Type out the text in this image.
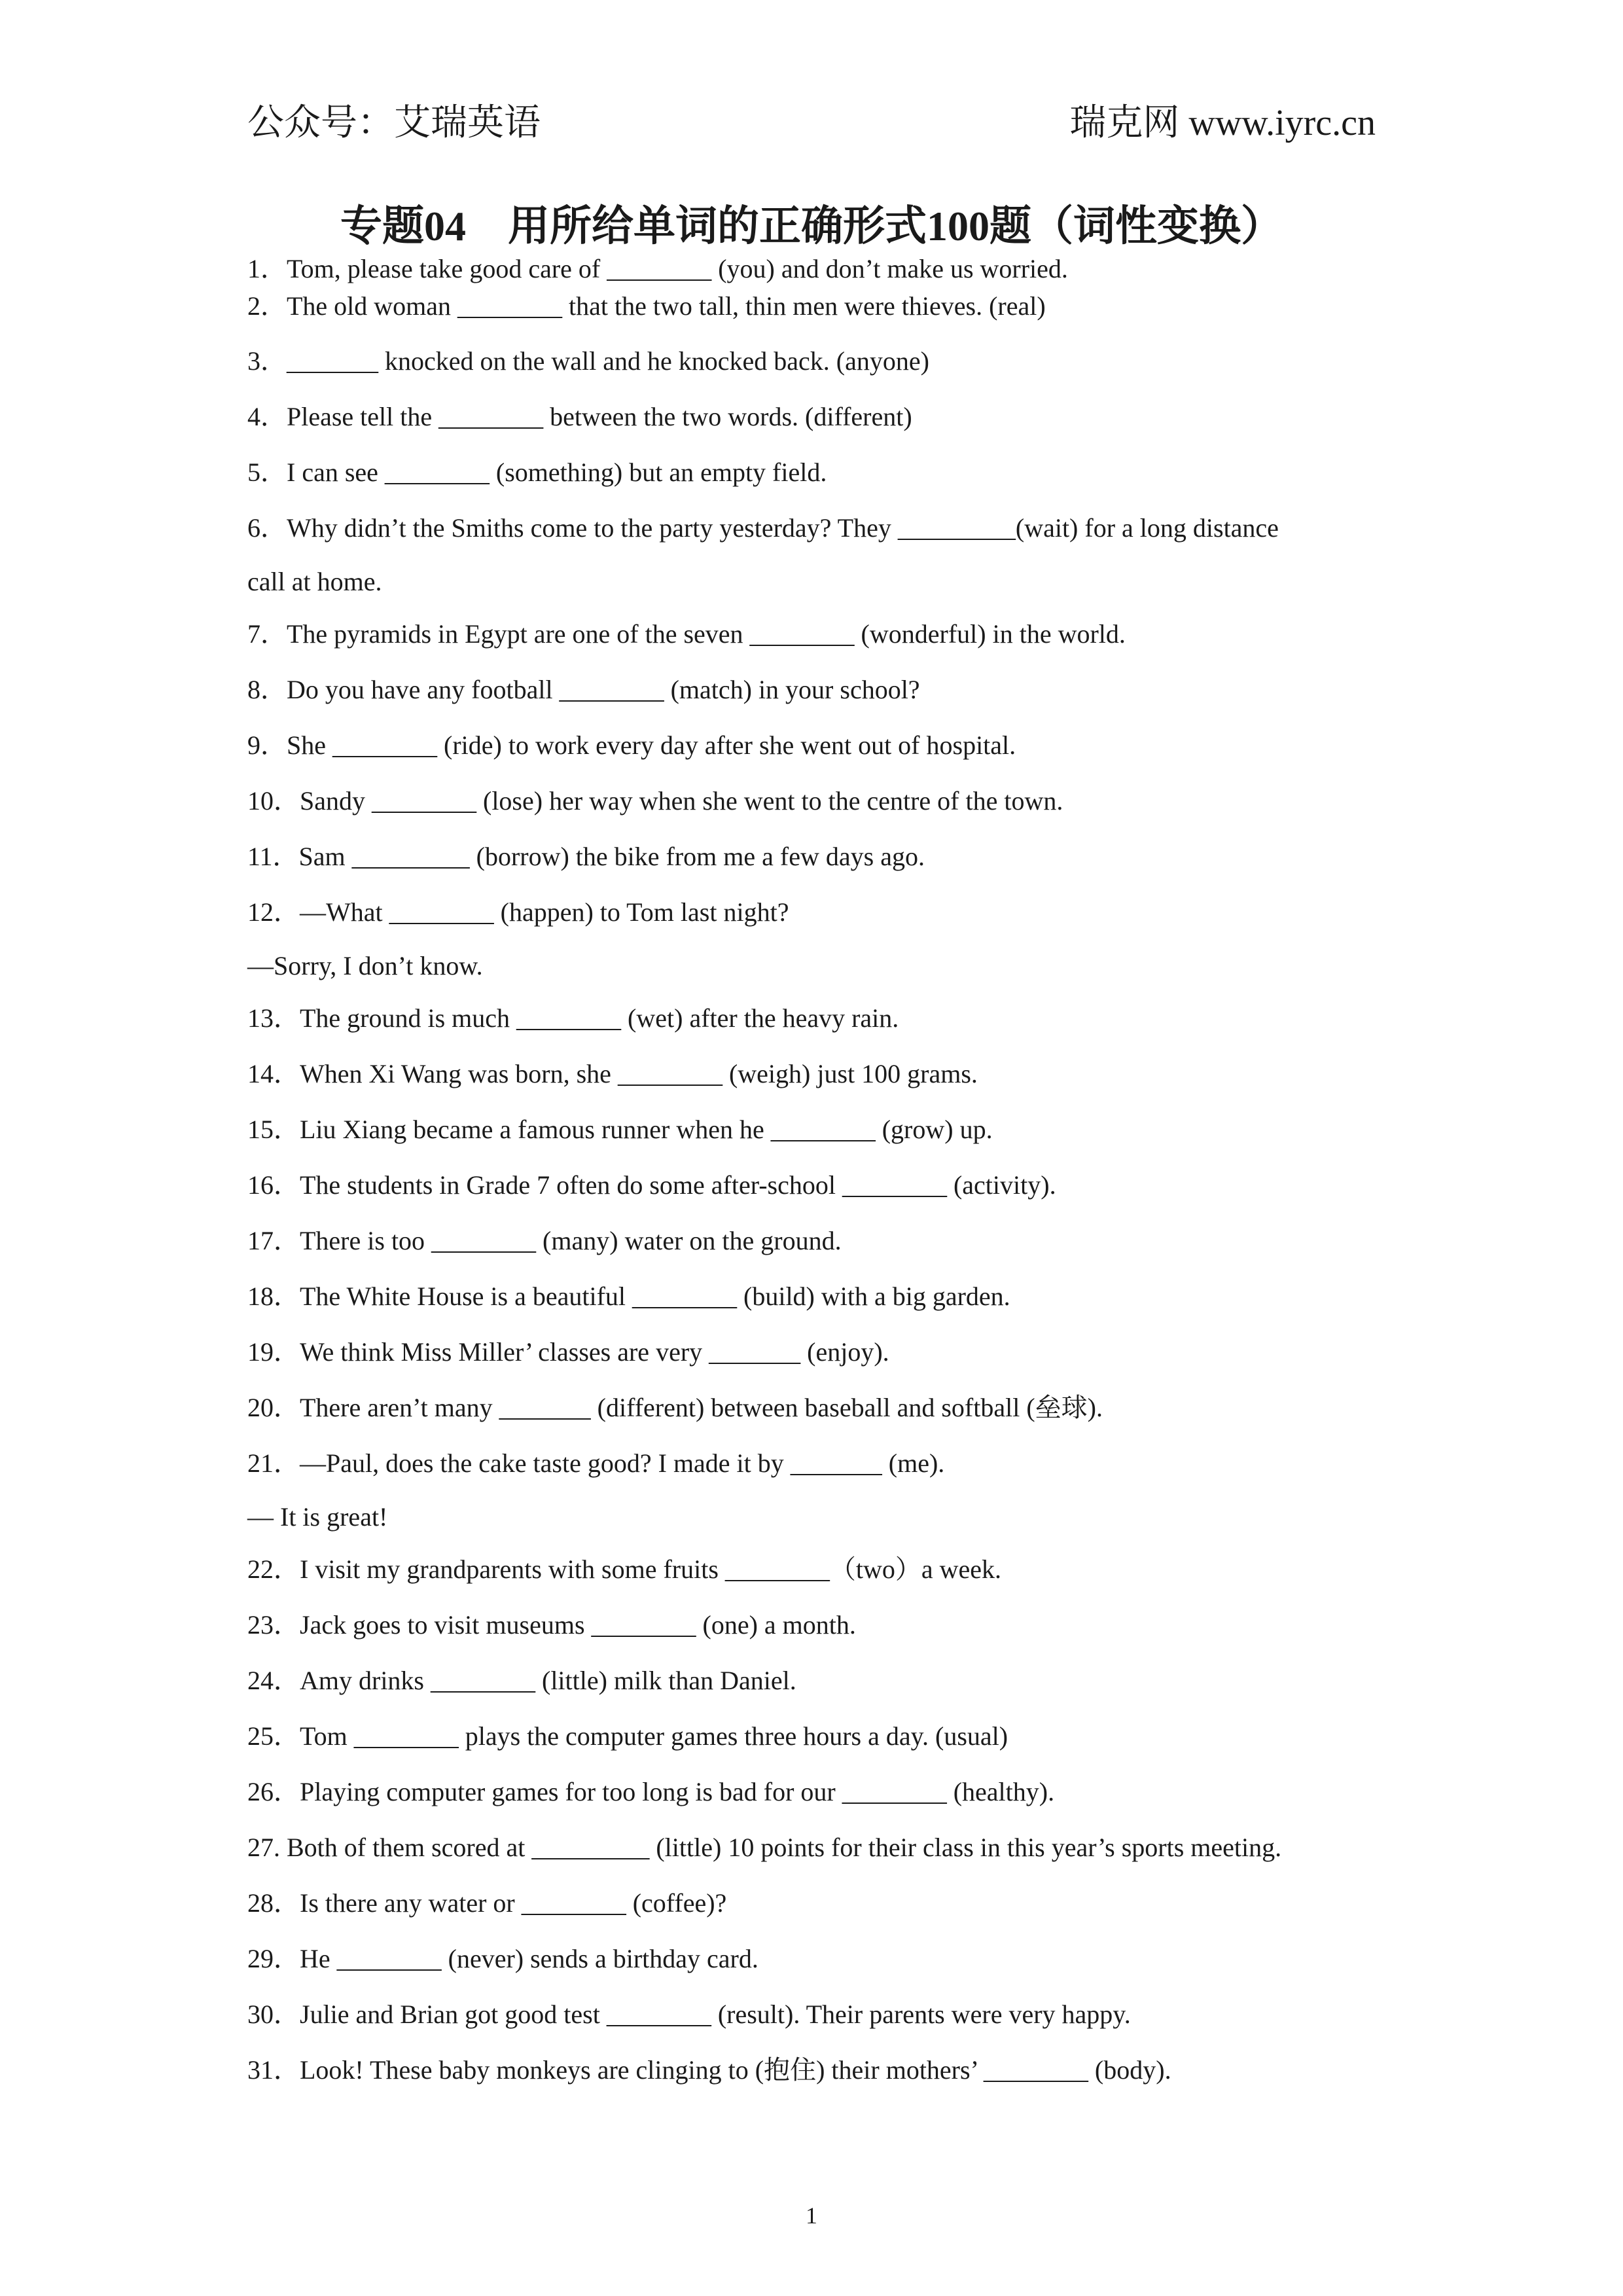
公众号：艾瑞英语	瑞克网 www.iyrc.cn
专题04　用所给单词的正确形式100题（词性变换）
1．Tom, please take good care of ________ (you) and don’t make us worried.
2．The old woman ________ that the two tall, thin men were thieves. (real)
3．_______ knocked on the wall and he knocked back. (anyone)
4．Please tell the ________ between the two words. (different)
5．I can see ________ (something) but an empty field.
6．Why didn’t the Smiths come to the party yesterday? They _________(wait) for a long distance
call at home.
7．The pyramids in Egypt are one of the seven ________ (wonderful) in the world.
8．Do you have any football ________ (match) in your school?
9．She ________ (ride) to work every day after she went out of hospital.
10．Sandy ________ (lose) her way when she went to the centre of the town.
11．Sam _________ (borrow) the bike from me a few days ago.
12．—What ________ (happen) to Tom last night?
—Sorry, I don’t know.
13．The ground is much ________ (wet) after the heavy rain.
14．When Xi Wang was born, she ________ (weigh) just 100 grams.
15．Liu Xiang became a famous runner when he ________ (grow) up.
16．The students in Grade 7 often do some after-school ________ (activity).
17．There is too ________ (many) water on the ground.
18．The White House is a beautiful ________ (build) with a big garden.
19．We think Miss Miller’ classes are very _______ (enjoy).
20．There aren’t many _______ (different) between baseball and softball (垒球).
21．—Paul, does the cake taste good? I made it by _______ (me).
— It is great!
22．I visit my grandparents with some fruits ________（two）a week.
23．Jack goes to visit museums ________ (one) a month.
24．Amy drinks ________ (little) milk than Daniel.
25．Tom ________ plays the computer games three hours a day. (usual)
26．Playing computer games for too long is bad for our ________ (healthy).
27. Both of them scored at _________ (little) 10 points for their class in this year’s sports meeting.
28．Is there any water or ________ (coffee)?
29．He ________ (never) sends a birthday card.
30．Julie and Brian got good test ________ (result). Their parents were very happy.
31．Look! These baby monkeys are clinging to (抱住) their mothers’ ________ (body).
1
